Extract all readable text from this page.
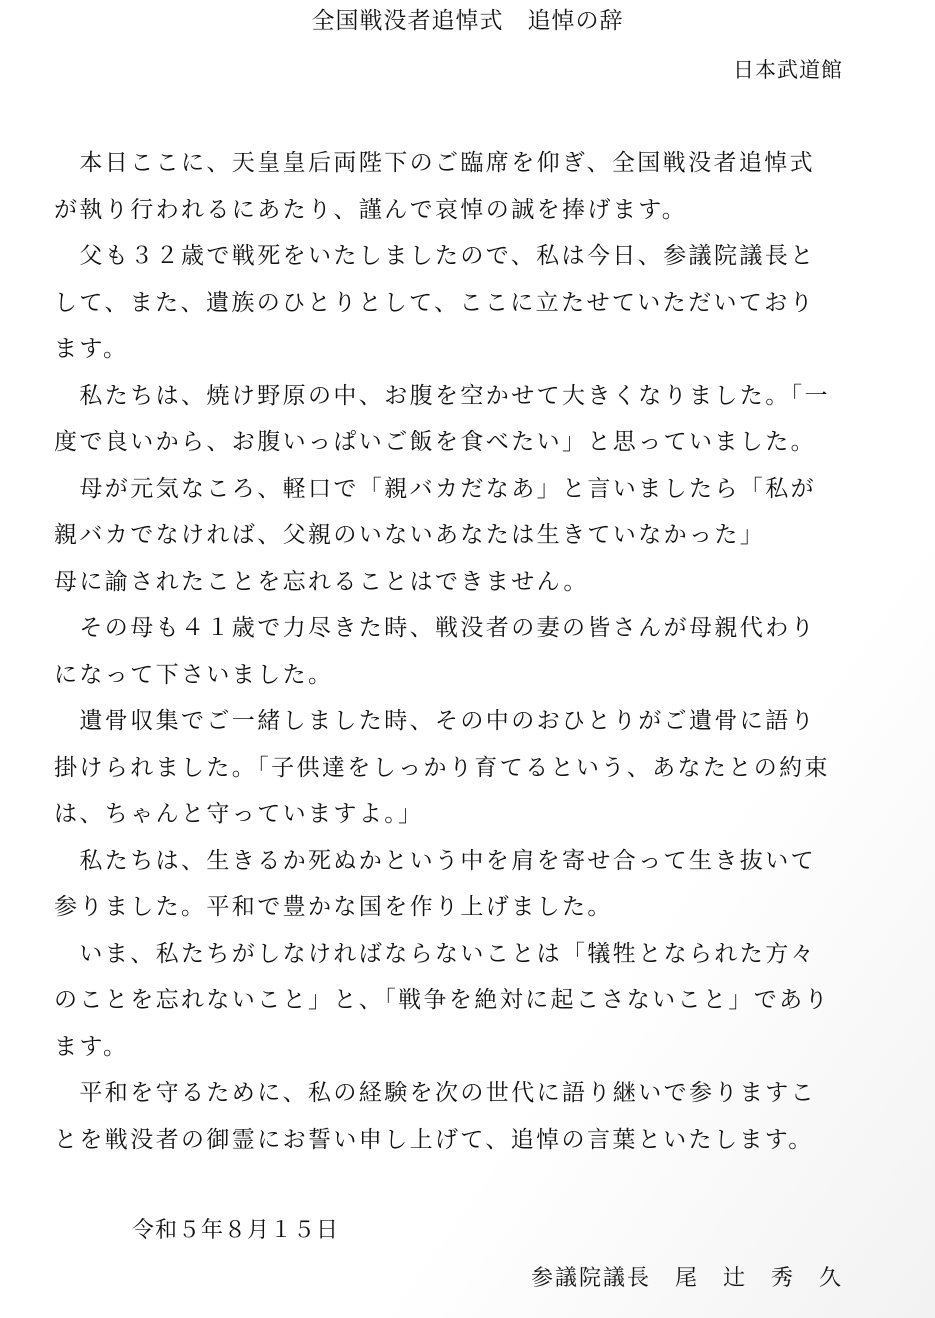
全国戦没者追悼式　追悼の辞
日本武道館
　本日ここに、天皇皇后両陛下のご臨席を仰ぎ、全国戦没者追悼式
が執り行われるにあたり、謹んで哀悼の誠を捧げます。
　父も３２歳で戦死をいたしましたので、私は今日、参議院議長と
して、また、遺族のひとりとして、ここに立たせていただいており
ます。
　私たちは、焼け野原の中、お腹を空かせて大きくなりました。「一
度で良いから、お腹いっぱいご飯を食べたい」と思っていました。
　母が元気なころ、軽口で「親バカだなあ」と言いましたら「私が
親バカでなければ、父親のいないあなたは生きていなかった」
母に諭されたことを忘れることはできません。
　その母も４１歳で力尽きた時、戦没者の妻の皆さんが母親代わり
になって下さいました。
　遺骨収集でご一緒しました時、その中のおひとりがご遺骨に語り
掛けられました。「子供達をしっかり育てるという、あなたとの約束
は、ちゃんと守っていますよ。」
　私たちは、生きるか死ぬかという中を肩を寄せ合って生き抜いて
参りました。平和で豊かな国を作り上げました。
　いま、私たちがしなければならないことは「犠牲となられた方々
のことを忘れないこと」と、「戦争を絶対に起こさないこと」であり
ます。
　平和を守るために、私の経験を次の世代に語り継いで参りますこ
とを戦没者の御霊にお誓い申し上げて、追悼の言葉といたします。
令和５年８月１５日
参議院議長　尾　辻　秀　久
